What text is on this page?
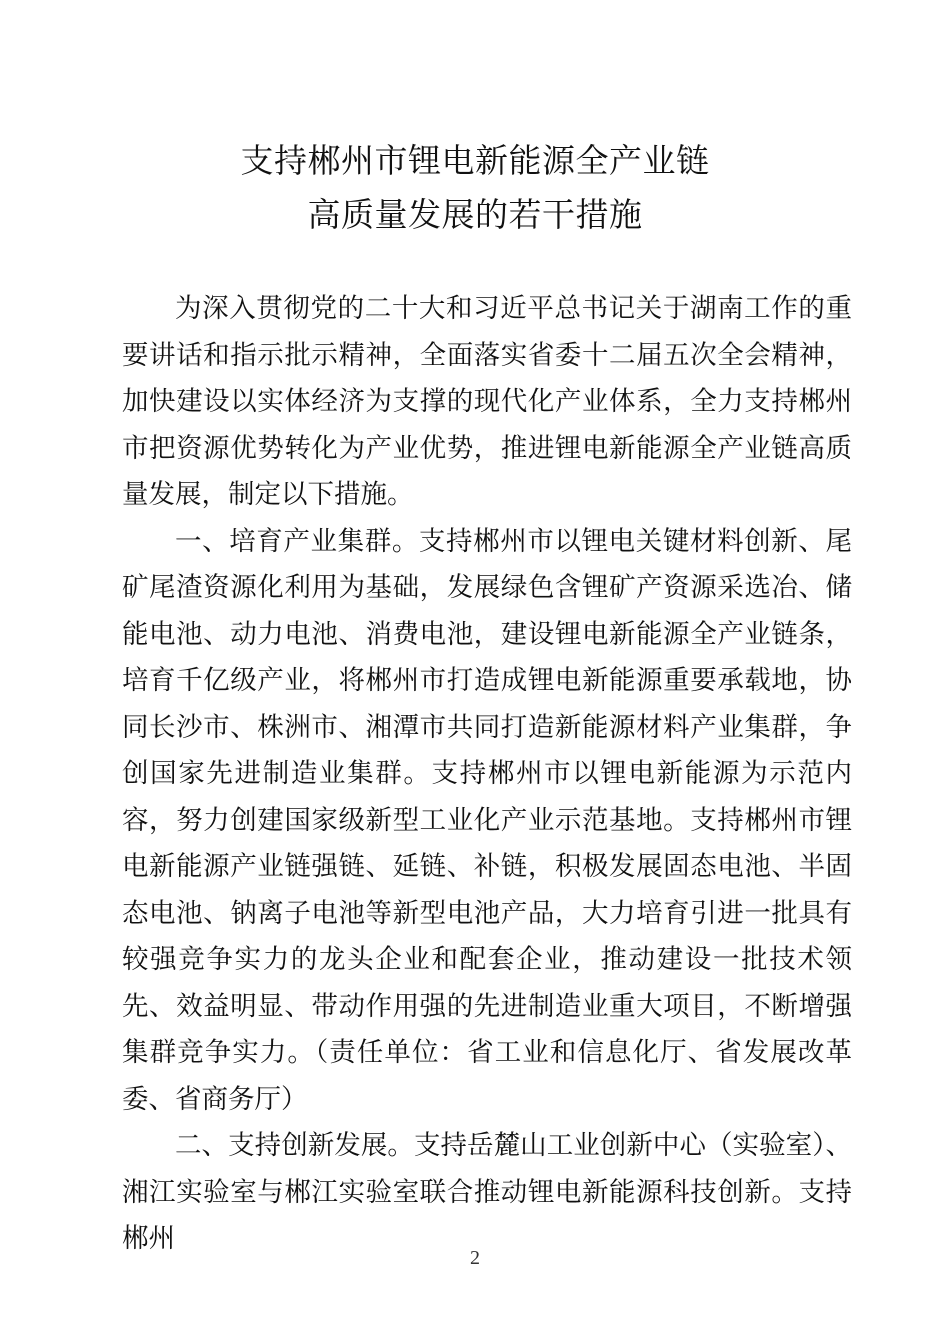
支持郴州市锂电新能源全产业链
高质量发展的若干措施

为深入贯彻党的二十大和习近平总书记关于湖南工作的重要讲话和指示批示精神，全面落实省委十二届五次全会精神，加快建设以实体经济为支撑的现代化产业体系，全力支持郴州市把资源优势转化为产业优势，推进锂电新能源全产业链高质量发展，制定以下措施。

一、培育产业集群。支持郴州市以锂电关键材料创新、尾矿尾渣资源化利用为基础，发展绿色含锂矿产资源采选冶、储能电池、动力电池、消费电池，建设锂电新能源全产业链条，培育千亿级产业，将郴州市打造成锂电新能源重要承载地，协同长沙市、株洲市、湘潭市共同打造新能源材料产业集群，争创国家先进制造业集群。支持郴州市以锂电新能源为示范内容，努力创建国家级新型工业化产业示范基地。支持郴州市锂电新能源产业链强链、延链、补链，积极发展固态电池、半固态电池、钠离子电池等新型电池产品，大力培育引进一批具有较强竞争实力的龙头企业和配套企业，推动建设一批技术领先、效益明显、带动作用强的先进制造业重大项目，不断增强集群竞争实力。（责任单位：省工业和信息化厅、省发展改革委、省商务厅）

二、支持创新发展。支持岳麓山工业创新中心（实验室）、湘江实验室与郴江实验室联合推动锂电新能源科技创新。支持郴州

2
